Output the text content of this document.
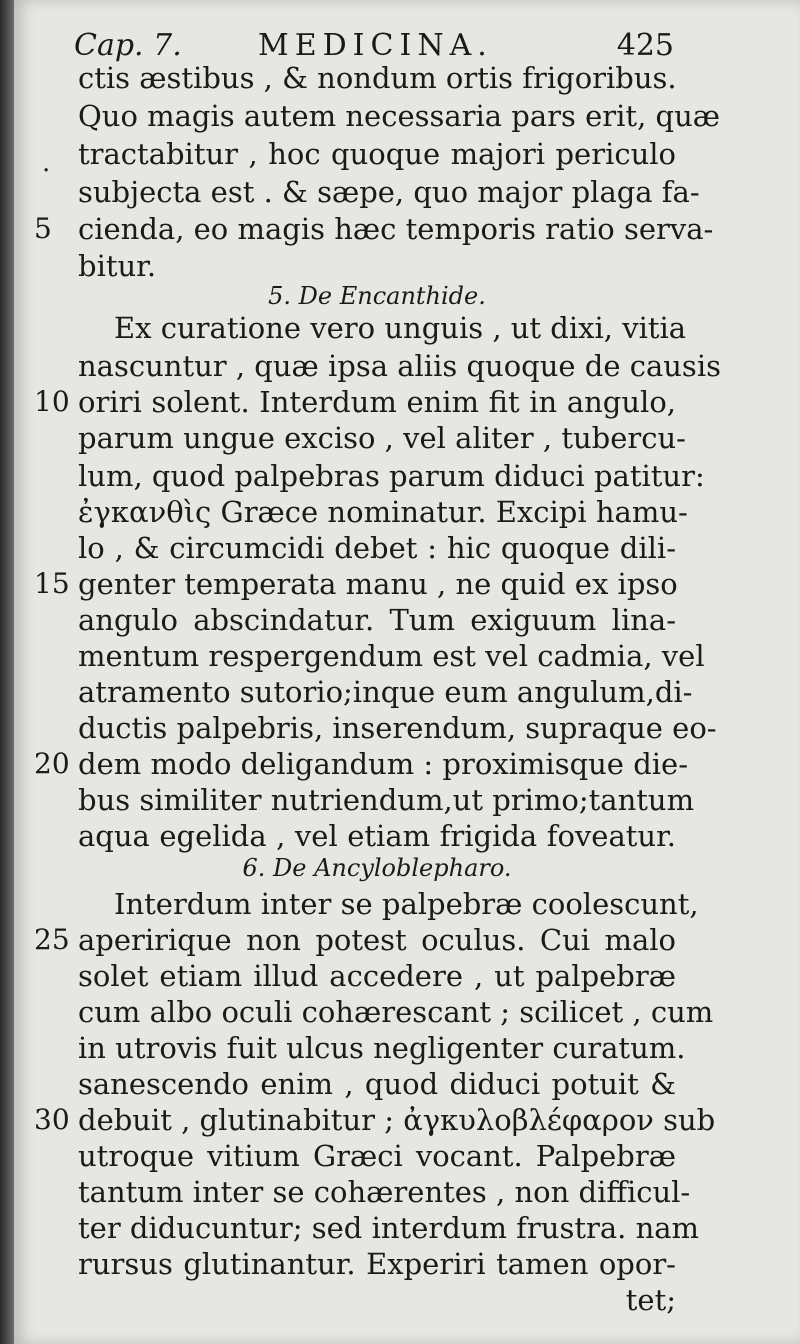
Cap. 7.	MEDICINA.	425
.
ctis æstibus , & nondum ortis frigoribus.
Quo magis autem necessaria pars erit, quæ
tractabitur , hoc quoque majori periculo
subjecta est . & sæpe, quo major plaga fa-
5 cienda, eo magis hæc temporis ratio serva-
bitur.
5. De Encanthide.
Ex curatione vero unguis , ut dixi, vitia
nascuntur , quæ ipsa aliis quoque de causis
10 oriri solent. Interdum enim fit in angulo,
parum ungue exciso , vel aliter , tubercu-
lum, quod palpebras parum diduci patitur:
ἐγκανθὶς Græce nominatur. Excipi hamu-
lo , & circumcidi debet : hic quoque dili-
15 genter temperata manu , ne quid ex ipso
angulo abscindatur. Tum exiguum lina-
mentum respergendum est vel cadmia, vel
atramento sutorio;inque eum angulum,di-
ductis palpebris, inserendum, supraque eo-
20 dem modo deligandum : proximisque die-
bus similiter nutriendum,ut primo;tantum
aqua egelida , vel etiam frigida foveatur.
6. De Ancyloblepharo.
Interdum inter se palpebræ coolescunt,
25 aperirique non potest oculus. Cui malo
solet etiam illud accedere , ut palpebræ
cum albo oculi cohærescant ; scilicet , cum
in utrovis fuit ulcus negligenter curatum.
sanescendo enim , quod diduci potuit &
30 debuit , glutinabitur ; ἀγκυλοβλέφαρον sub
utroque vitium Græci vocant. Palpebræ
tantum inter se cohærentes , non difficul-
ter diducuntur; sed interdum frustra. nam
rursus glutinantur. Experiri tamen opor-
tet;
